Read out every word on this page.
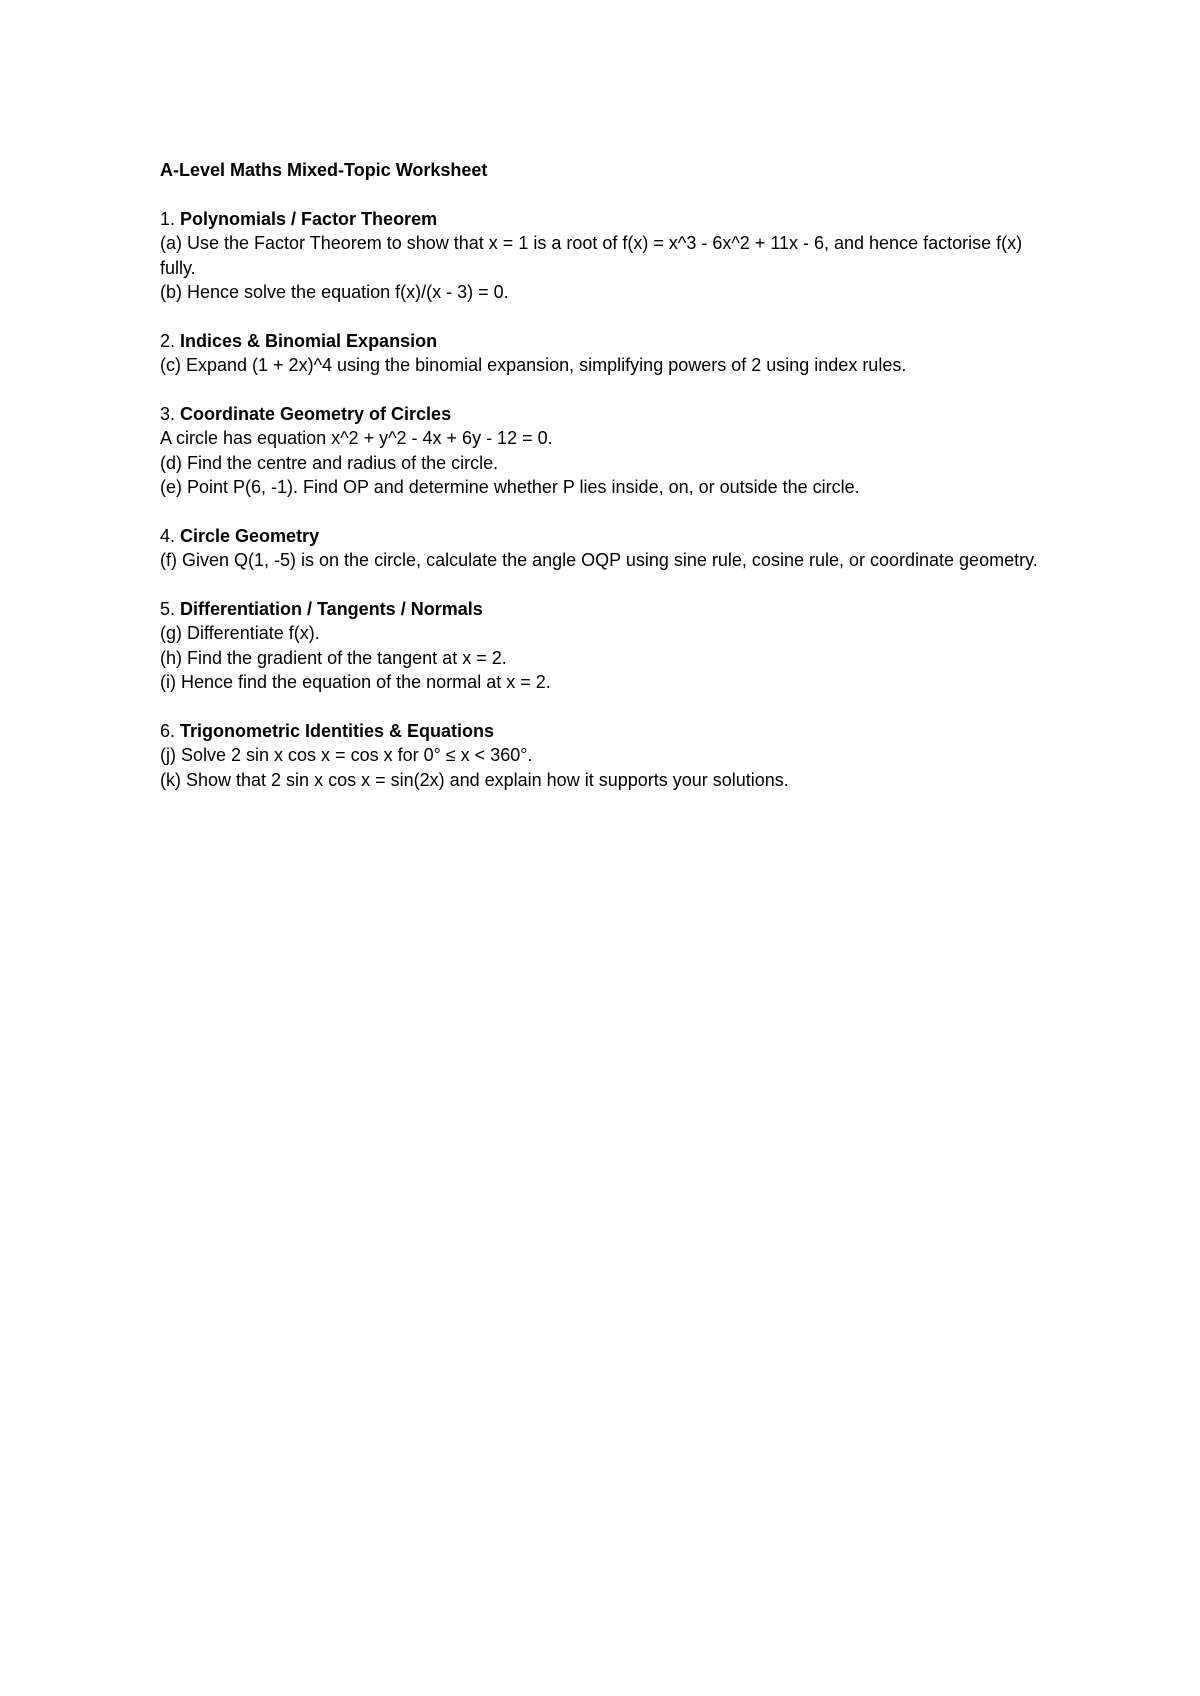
A-Level Maths Mixed-Topic Worksheet

1. Polynomials / Factor Theorem

(a) Use the Factor Theorem to show that x = 1 is a root of f(x) = x^3 - 6x^2 + 11x - 6, and hence factorise f(x) fully.

(b) Hence solve the equation f(x)/(x - 3) = 0.

2. Indices & Binomial Expansion

(c) Expand (1 + 2x)^4 using the binomial expansion, simplifying powers of 2 using index rules.

3. Coordinate Geometry of Circles

A circle has equation x^2 + y^2 - 4x + 6y - 12 = 0.

(d) Find the centre and radius of the circle.

(e) Point P(6, -1). Find OP and determine whether P lies inside, on, or outside the circle.

4. Circle Geometry

(f) Given Q(1, -5) is on the circle, calculate the angle OQP using sine rule, cosine rule, or coordinate geometry.

5. Differentiation / Tangents / Normals

(g) Differentiate f(x).

(h) Find the gradient of the tangent at x = 2.

(i) Hence find the equation of the normal at x = 2.

6. Trigonometric Identities & Equations

(j) Solve 2 sin x cos x = cos x for 0° ≤ x < 360°.

(k) Show that 2 sin x cos x = sin(2x) and explain how it supports your solutions.
